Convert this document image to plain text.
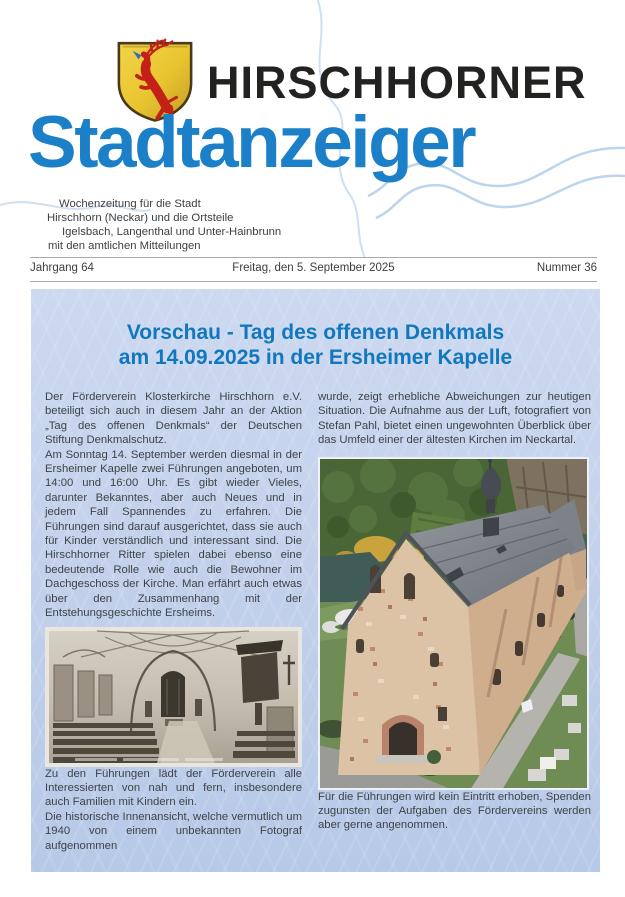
HIRSCHHORNER
Stadtanzeiger
Wochenzeitung für die Stadt
Hirschhorn (Neckar) und die Ortsteile
Igelsbach, Langenthal und Unter-Hainbrunn
mit den amtlichen Mitteilungen
Jahrgang 64	Freitag, den 5. September 2025	Nummer 36
Vorschau - Tag des offenen Denkmals
am 14.09.2025 in der Ersheimer Kapelle

Der Förderverein Klosterkirche Hirschhorn e.V. beteiligt sich auch in diesem Jahr an der Aktion „Tag des offenen Denkmals“ der Deutschen Stiftung Denkmalschutz.

Am Sonntag 14. September werden diesmal in der Ersheimer Kapelle zwei Führungen angeboten, um 14:00 und 16:00 Uhr. Es gibt wieder Vieles, darunter Bekanntes, aber auch Neues und in jedem Fall Spannendes zu erfahren. Die Führungen sind darauf ausgerichtet, dass sie auch für Kinder verständlich und interessant sind. Die Hirschhorner Ritter spielen dabei ebenso eine bedeutende Rolle wie auch die Bewohner im Dachgeschoss der Kirche. Man erfährt auch etwas über den Zusammenhang mit der Entstehungsgeschichte Ersheims.

Zu den Führungen lädt der Förderverein alle Interessierten von nah und fern, insbesondere auch Familien mit Kindern ein.

Die historische Innenansicht, welche vermutlich um 1940 von einem unbekannten Fotograf aufgenommen

wurde, zeigt erhebliche Abweichungen zur heutigen Situation. Die Aufnahme aus der Luft, fotografiert von Stefan Pahl, bietet einen ungewohnten Überblick über das Umfeld einer der ältesten Kirchen im Neckartal.

Für die Führungen wird kein Eintritt erhoben, Spenden zugunsten der Aufgaben des Fördervereins werden aber gerne angenommen.
